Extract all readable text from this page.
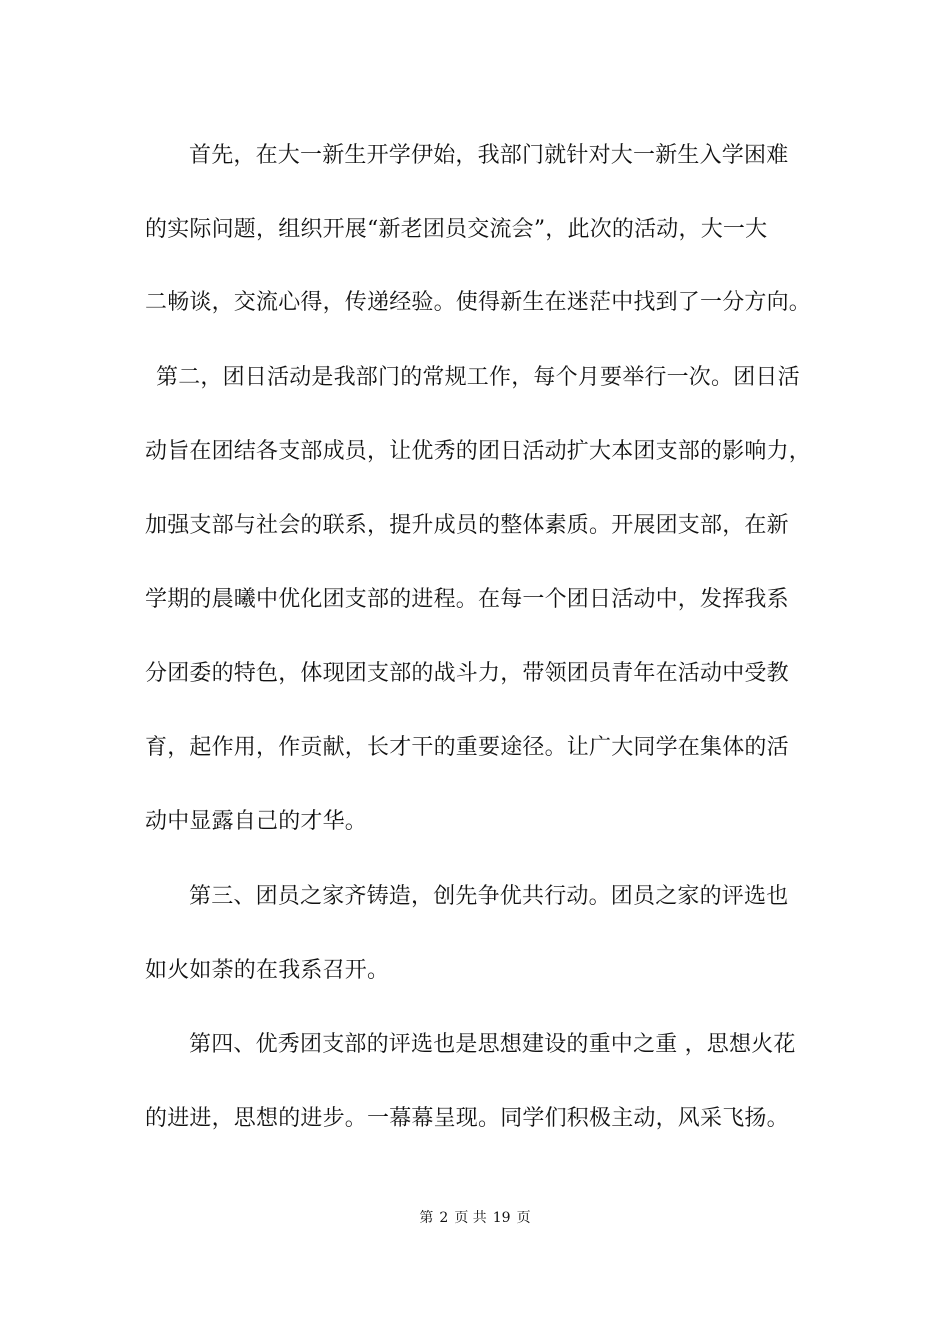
首先，在大一新生开学伊始，我部门就针对大一新生入学困难
的实际问题，组织开展“新老团员交流会”，此次的活动，大一大
二畅谈，交流心得，传递经验。使得新生在迷茫中找到了一分方向。
第二，团日活动是我部门的常规工作，每个月要举行一次。团日活
动旨在团结各支部成员，让优秀的团日活动扩大本团支部的影响力，
加强支部与社会的联系，提升成员的整体素质。开展团支部，在新
学期的晨曦中优化团支部的进程。在每一个团日活动中，发挥我系
分团委的特色，体现团支部的战斗力，带领团员青年在活动中受教
育，起作用，作贡献，长才干的重要途径。让广大同学在集体的活
动中显露自己的才华。
第三、团员之家齐铸造，创先争优共行动。团员之家的评选也
如火如荼的在我系召开。
第四、优秀团支部的评选也是思想建设的重中之重 ，思想火花
的进进，思想的进步。一幕幕呈现。同学们积极主动，风采飞扬。
第 2 页 共 19 页
